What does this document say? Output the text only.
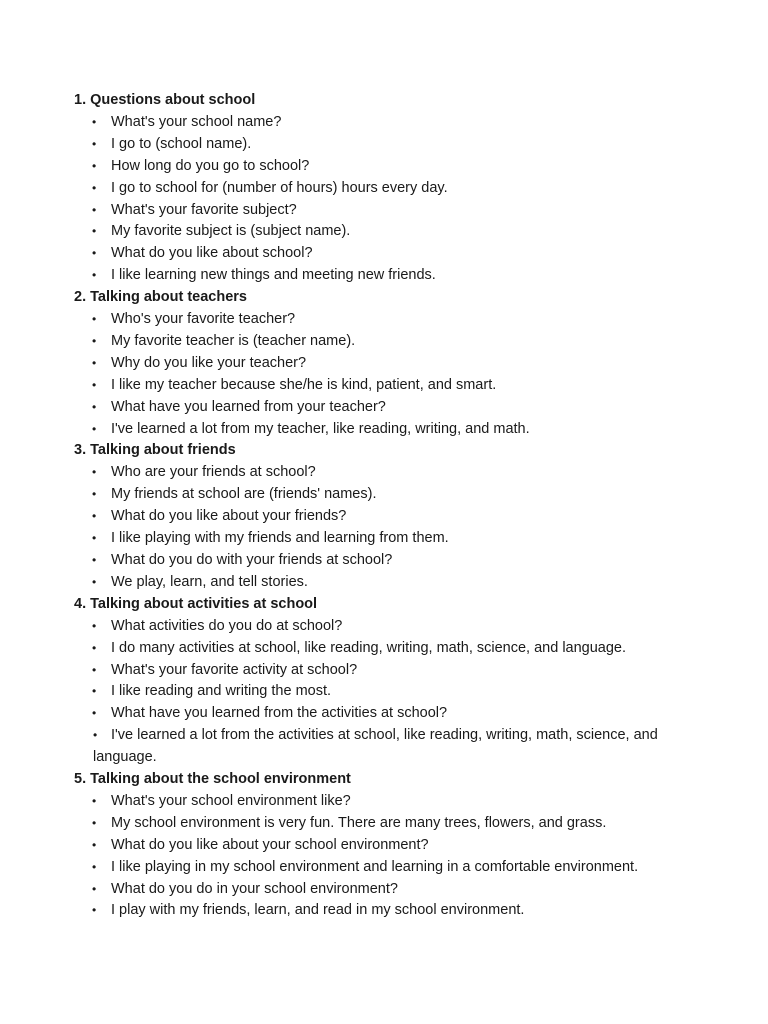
1. Questions about school
• What's your school name?
• I go to (school name).
• How long do you go to school?
• I go to school for (number of hours) hours every day.
• What's your favorite subject?
• My favorite subject is (subject name).
• What do you like about school?
• I like learning new things and meeting new friends.
2. Talking about teachers
• Who's your favorite teacher?
• My favorite teacher is (teacher name).
• Why do you like your teacher?
• I like my teacher because she/he is kind, patient, and smart.
• What have you learned from your teacher?
• I've learned a lot from my teacher, like reading, writing, and math.
3. Talking about friends
• Who are your friends at school?
• My friends at school are (friends' names).
• What do you like about your friends?
• I like playing with my friends and learning from them.
• What do you do with your friends at school?
• We play, learn, and tell stories.
4. Talking about activities at school
• What activities do you do at school?
• I do many activities at school, like reading, writing, math, science, and language.
• What's your favorite activity at school?
• I like reading and writing the most.
• What have you learned from the activities at school?
• I've learned a lot from the activities at school, like reading, writing, math, science, and language.
5. Talking about the school environment
• What's your school environment like?
• My school environment is very fun. There are many trees, flowers, and grass.
• What do you like about your school environment?
• I like playing in my school environment and learning in a comfortable environment.
• What do you do in your school environment?
• I play with my friends, learn, and read in my school environment.
